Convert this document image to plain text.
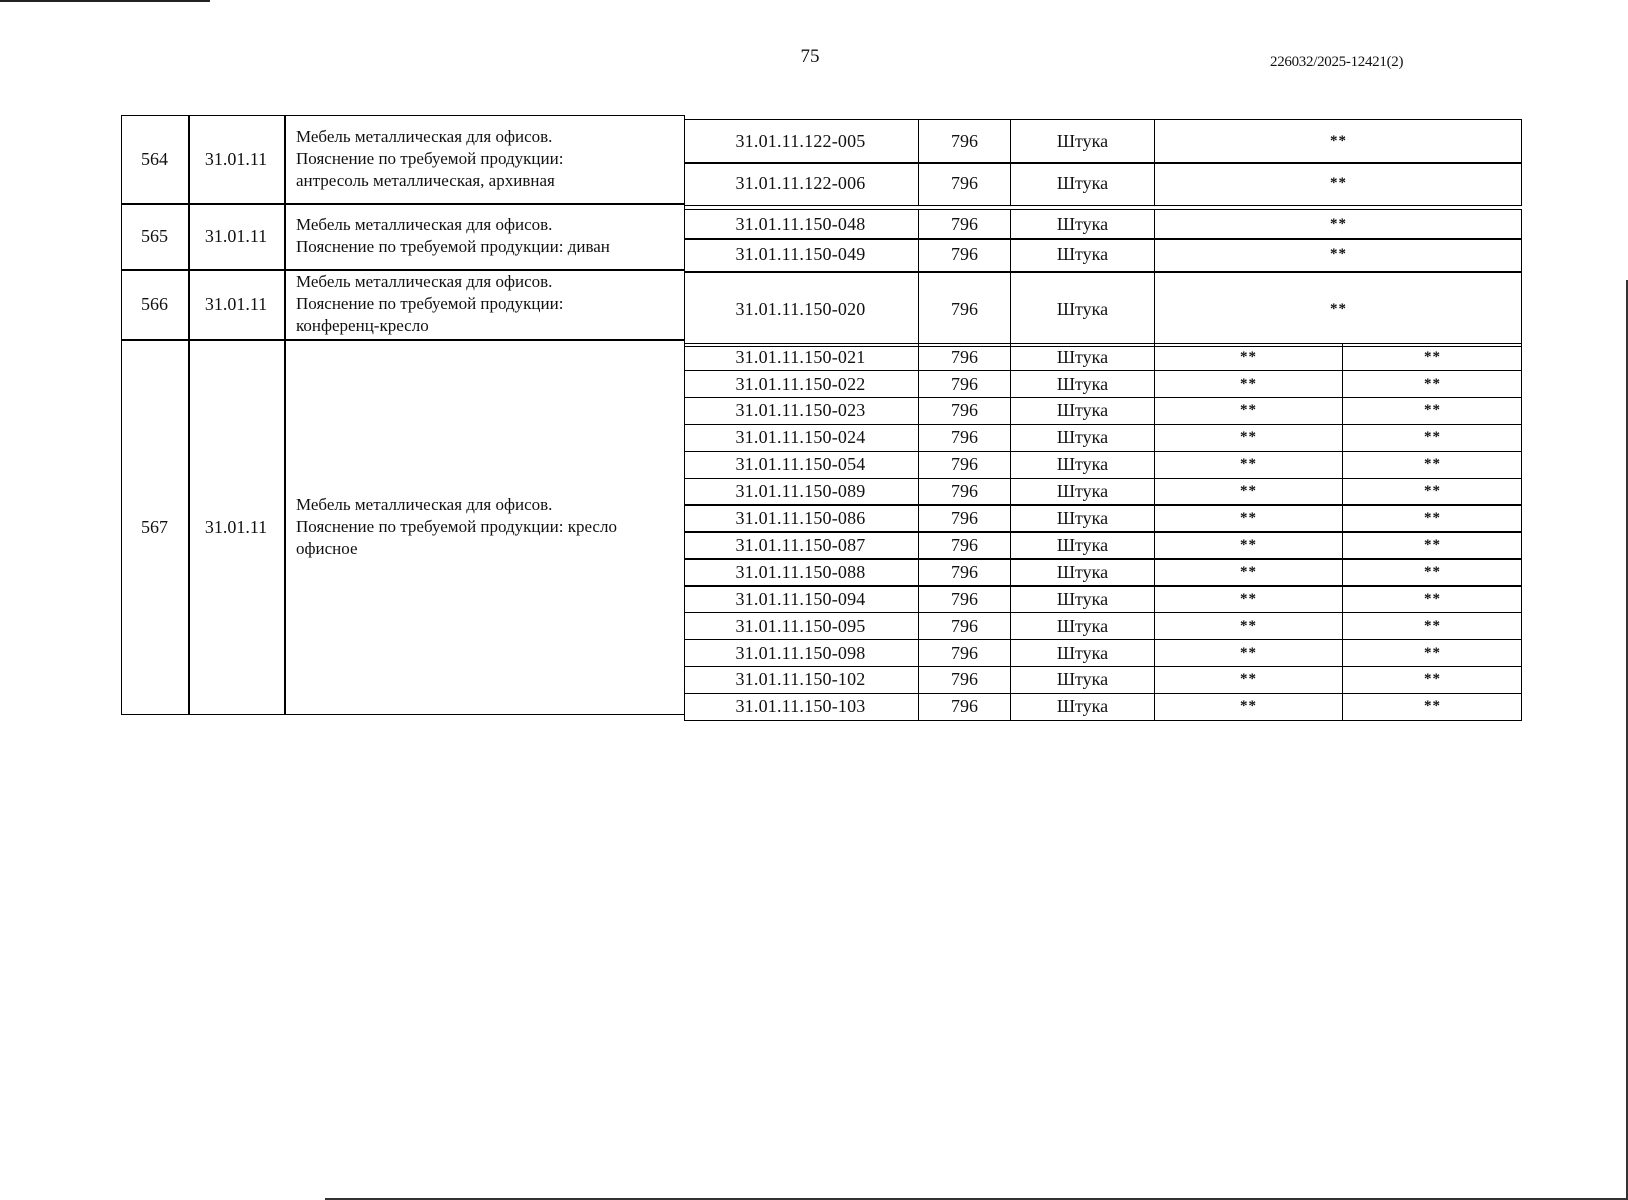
75	226032/2025-12421(2)
564	31.01.11
Мебель металлическая для офисов.
Пояснение по требуемой продукции:
антресоль металлическая, архивная
31.01.11.122-005	796	Штука	**
31.01.11.122-006	796	Штука	**
565	31.01.11
Мебель металлическая для офисов.
Пояснение по требуемой продукции: диван
31.01.11.150-048	796	Штука	**
31.01.11.150-049	796	Штука	**
566	31.01.11
Мебель металлическая для офисов.
Пояснение по требуемой продукции:
конференц-кресло
31.01.11.150-020	796	Штука	**
567	31.01.11
Мебель металлическая для офисов.
Пояснение по требуемой продукции: кресло
офисное
31.01.11.150-021	796	Штука	**	**
31.01.11.150-022	796	Штука	**	**
31.01.11.150-023	796	Штука	**	**
31.01.11.150-024	796	Штука	**	**
31.01.11.150-054	796	Штука	**	**
31.01.11.150-089	796	Штука	**	**
31.01.11.150-086	796	Штука	**	**
31.01.11.150-087	796	Штука	**	**
31.01.11.150-088	796	Штука	**	**
31.01.11.150-094	796	Штука	**	**
31.01.11.150-095	796	Штука	**	**
31.01.11.150-098	796	Штука	**	**
31.01.11.150-102	796	Штука	**	**
31.01.11.150-103	796	Штука	**	**
